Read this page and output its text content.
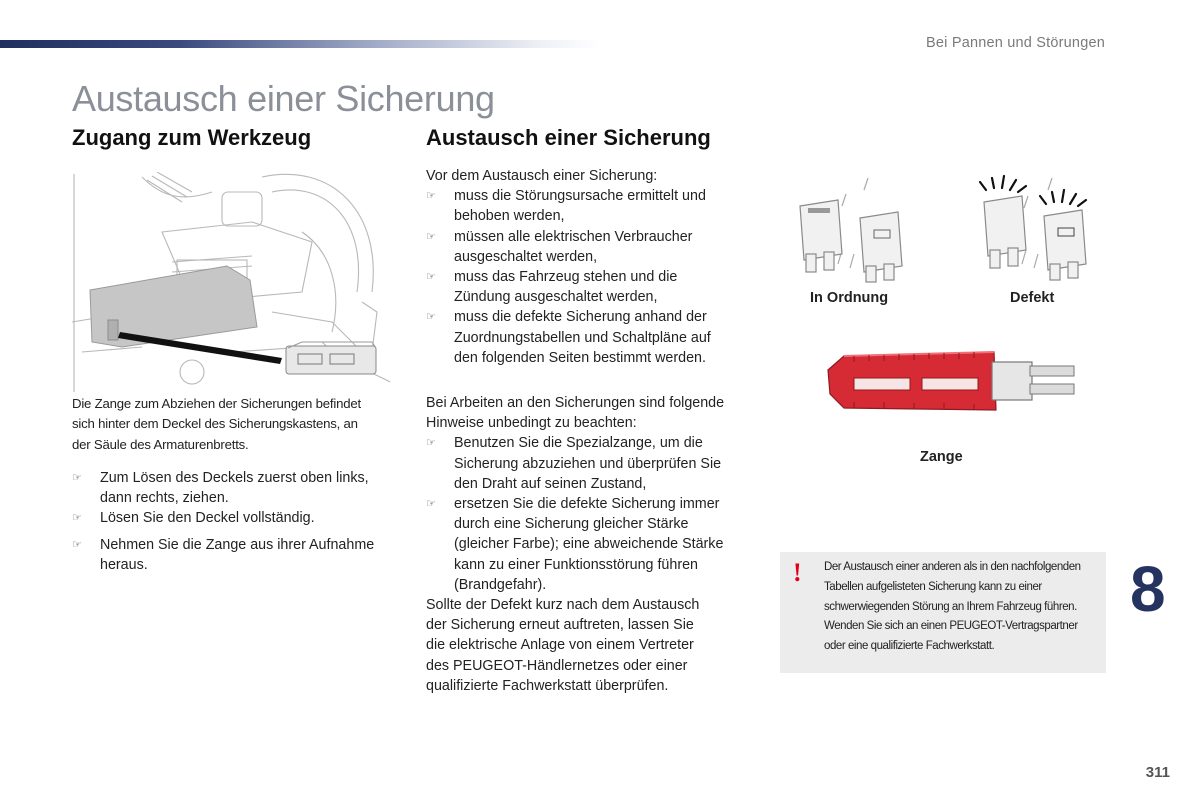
Bei Pannen und Störungen
Austausch einer Sicherung
Zugang zum Werkzeug
Die Zange zum Abziehen der Sicherungen befindet
sich hinter dem Deckel des Sicherungskastens, an
der Säule des Armaturenbretts.
☞ Zum Lösen des Deckels zuerst oben links,
dann rechts, ziehen.
☞ Lösen Sie den Deckel vollständig.
☞ Nehmen Sie die Zange aus ihrer Aufnahme
heraus.
Austausch einer Sicherung
Vor dem Austausch einer Sicherung:
☞ muss die Störungsursache ermittelt und
behoben werden,
☞ müssen alle elektrischen Verbraucher
ausgeschaltet werden,
☞ muss das Fahrzeug stehen und die
Zündung ausgeschaltet werden,
☞ muss die defekte Sicherung anhand der
Zuordnungstabellen und Schaltpläne auf
den folgenden Seiten bestimmt werden.
Bei Arbeiten an den Sicherungen sind folgende
Hinweise unbedingt zu beachten:
☞ Benutzen Sie die Spezialzange, um die
Sicherung abzuziehen und überprüfen Sie
den Draht auf seinen Zustand,
☞ ersetzen Sie die defekte Sicherung immer
durch eine Sicherung gleicher Stärke
(gleicher Farbe); eine abweichende Stärke
kann zu einer Funktionsstörung führen
(Brandgefahr).
Sollte der Defekt kurz nach dem Austausch
der Sicherung erneut auftreten, lassen Sie
die elektrische Anlage von einem Vertreter
des PEUGEOT-Händlernetzes oder einer
qualifizierte Fachwerkstatt überprüfen.
In Ordnung	Defekt
Zange
! Der Austausch einer anderen als in den nachfolgenden
Tabellen aufgelisteten Sicherung kann zu einer
schwerwiegenden Störung an Ihrem Fahrzeug führen.
Wenden Sie sich an einen PEUGEOT-Vertragspartner
oder eine qualifizierte Fachwerkstatt.
8
311
